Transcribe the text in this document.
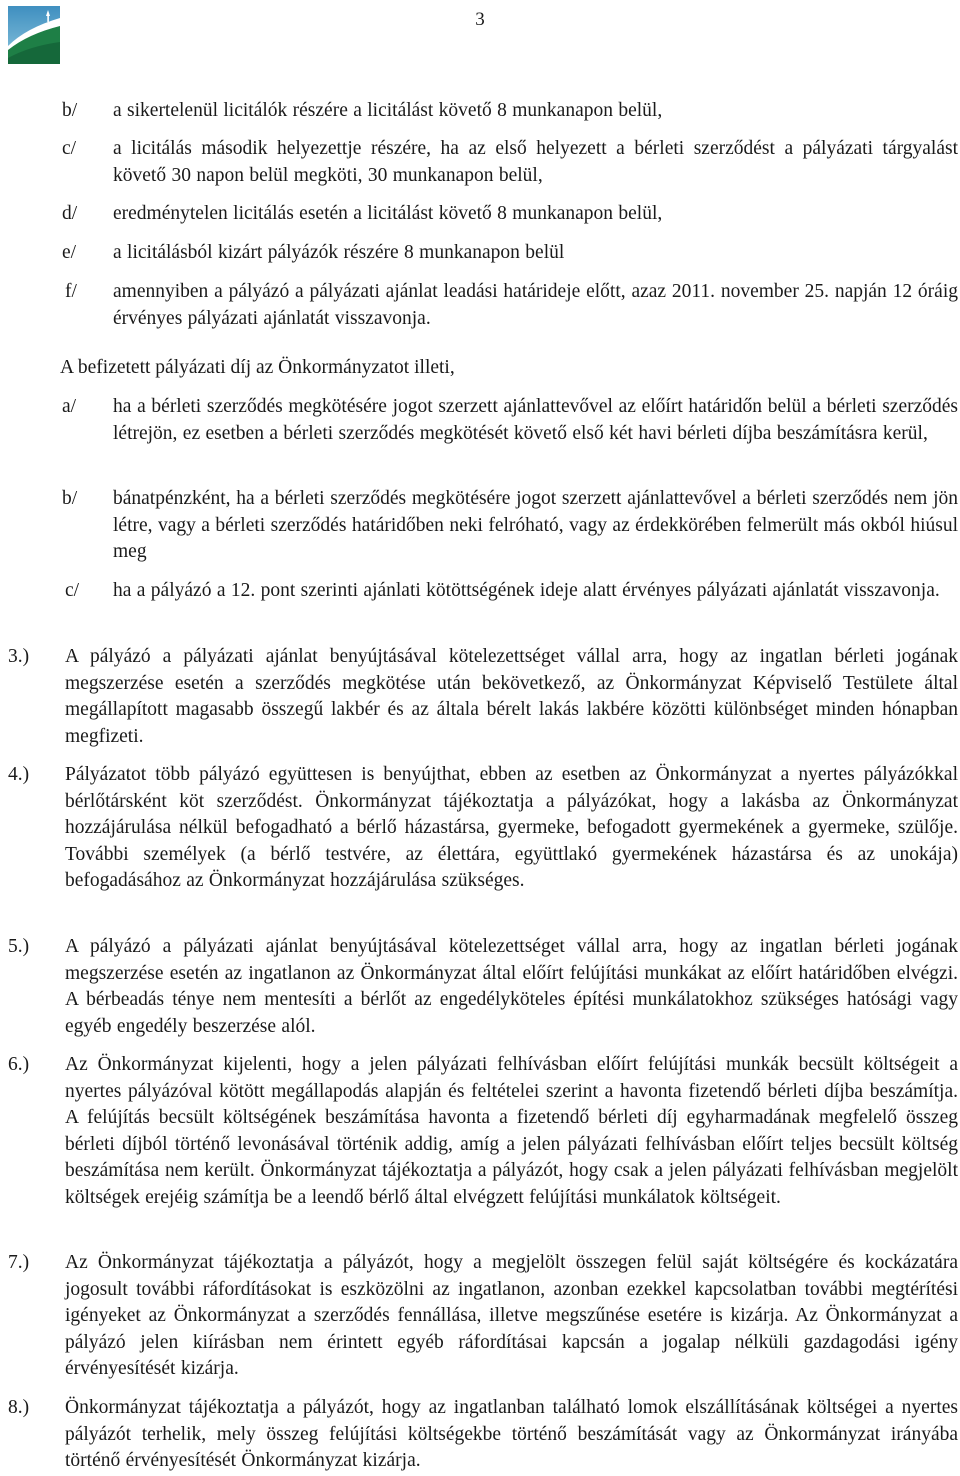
3
b/ a sikertelenül licitálók részére a licitálást követő 8 munkanapon belül,
c/ a licitálás második helyezettje részére, ha az első helyezett a bérleti szerződést a pályázati tárgyalást követő 30 napon belül megköti, 30 munkanapon belül,
d/ eredménytelen licitálás esetén a licitálást követő 8 munkanapon belül,
e/ a licitálásból kizárt pályázók részére 8 munkanapon belül
f/ amennyiben a pályázó a pályázati ajánlat leadási határideje előtt, azaz 2011. november 25. napján 12 óráig érvényes pályázati ajánlatát visszavonja.
A befizetett pályázati díj az Önkormányzatot illeti,
a/ ha a bérleti szerződés megkötésére jogot szerzett ajánlattevővel az előírt határidőn belül a bérleti szerződés létrejön, ez esetben a bérleti szerződés megkötését követő első két havi bérleti díjba beszámításra kerül,
b/ bánatpénzként, ha a bérleti szerződés megkötésére jogot szerzett ajánlattevővel a bérleti szerződés nem jön létre, vagy a bérleti szerződés határidőben neki felróható, vagy az érdekkörében felmerült más okból hiúsul meg
c/ ha a pályázó a 12. pont szerinti ajánlati kötöttségének ideje alatt érvényes pályázati ajánlatát visszavonja.
3.) A pályázó a pályázati ajánlat benyújtásával kötelezettséget vállal arra, hogy az ingatlan bérleti jogának megszerzése esetén a szerződés megkötése után bekövetkező, az Önkormányzat Képviselő Testülete által megállapított magasabb összegű lakbér és az általa bérelt lakás lakbére közötti különbséget minden hónapban megfizeti.
4.) Pályázatot több pályázó együttesen is benyújthat, ebben az esetben az Önkormányzat a nyertes pályázókkal bérlőtársként köt szerződést. Önkormányzat tájékoztatja a pályázókat, hogy a lakásba az Önkormányzat hozzájárulása nélkül befogadható a bérlő házastársa, gyermeke, befogadott gyermekének a gyermeke, szülője. További személyek (a bérlő testvére, az élettára, együttlakó gyermekének házastársa és az unokája) befogadásához az Önkormányzat hozzájárulása szükséges.
5.) A pályázó a pályázati ajánlat benyújtásával kötelezettséget vállal arra, hogy az ingatlan bérleti jogának megszerzése esetén az ingatlanon az Önkormányzat által előírt felújítási munkákat az előírt határidőben elvégzi. A bérbeadás ténye nem mentesíti a bérlőt az engedélyköteles építési munkálatokhoz szükséges hatósági vagy egyéb engedély beszerzése alól.
6.) Az Önkormányzat kijelenti, hogy a jelen pályázati felhívásban előírt felújítási munkák becsült költségeit a nyertes pályázóval kötött megállapodás alapján és feltételei szerint a havonta fizetendő bérleti díjba beszámítja. A felújítás becsült költségének beszámítása havonta a fizetendő bérleti díj egyharmadának megfelelő összeg bérleti díjból történő levonásával történik addig, amíg a jelen pályázati felhívásban előírt teljes becsült költség beszámítása nem került. Önkormányzat tájékoztatja a pályázót, hogy csak a jelen pályázati felhívásban megjelölt költségek erejéig számítja be a leendő bérlő által elvégzett felújítási munkálatok költségeit.
7.) Az Önkormányzat tájékoztatja a pályázót, hogy a megjelölt összegen felül saját költségére és kockázatára jogosult további ráfordításokat is eszközölni az ingatlanon, azonban ezekkel kapcsolatban további megtérítési igényeket az Önkormányzat a szerződés fennállása, illetve megszűnése esetére is kizárja. Az Önkormányzat a pályázó jelen kiírásban nem érintett egyéb ráfordításai kapcsán a jogalap nélküli gazdagodási igény érvényesítését kizárja.
8.) Önkormányzat tájékoztatja a pályázót, hogy az ingatlanban található lomok elszállításának költségei a nyertes pályázót terhelik, mely összeg felújítási költségekbe történő beszámítását vagy az Önkormányzat irányába történő érvényesítését Önkormányzat kizárja.
